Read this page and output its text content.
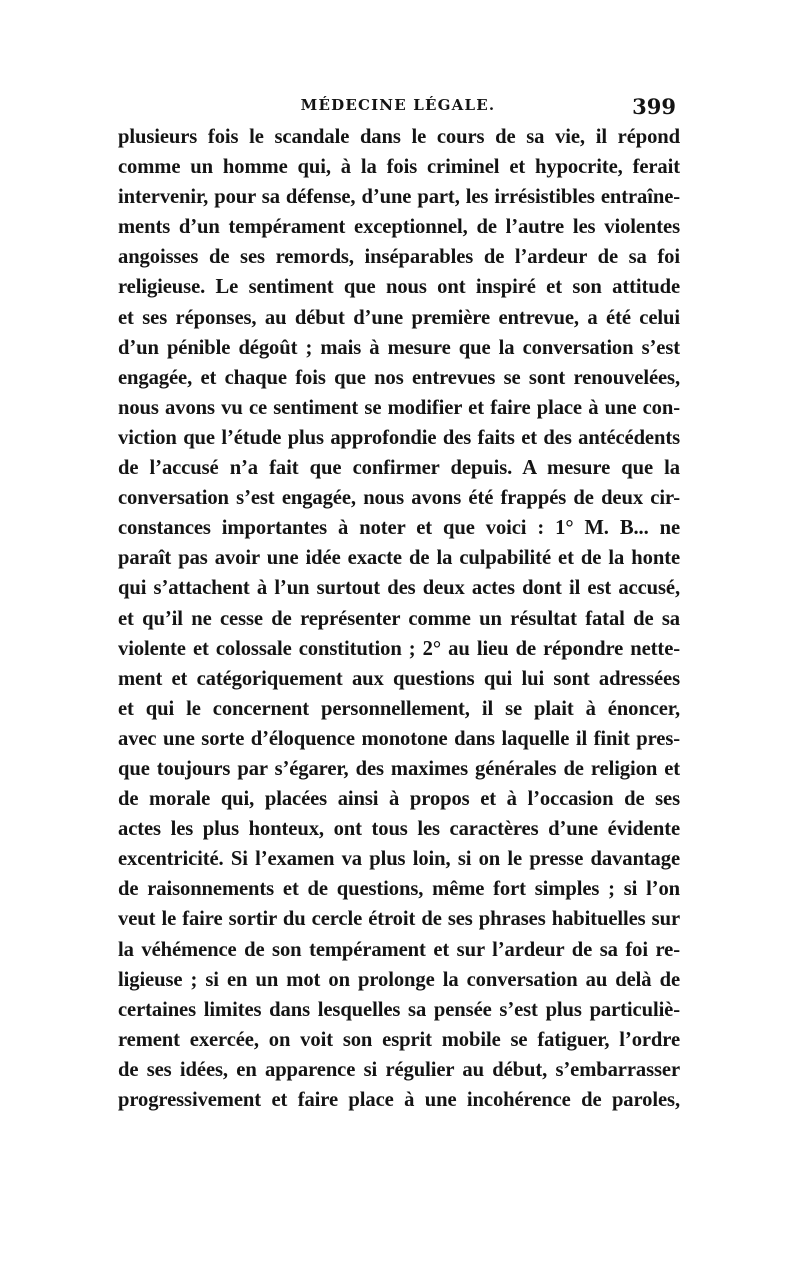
MÉDECINE LÉGALE.	399
plusieurs fois le scandale dans le cours de sa vie, il répond
comme un homme qui, à la fois criminel et hypocrite, ferait
intervenir, pour sa défense, d’une part, les irrésistibles entraîne-
ments d’un tempérament exceptionnel, de l’autre les violentes
angoisses de ses remords, inséparables de l’ardeur de sa foi
religieuse. Le sentiment que nous ont inspiré et son attitude
et ses réponses, au début d’une première entrevue, a été celui
d’un pénible dégoût ; mais à mesure que la conversation s’est
engagée, et chaque fois que nos entrevues se sont renouvelées,
nous avons vu ce sentiment se modifier et faire place à une con-
viction que l’étude plus approfondie des faits et des antécédents
de l’accusé n’a fait que confirmer depuis. A mesure que la
conversation s’est engagée, nous avons été frappés de deux cir-
constances importantes à noter et que voici : 1° M. B... ne
paraît pas avoir une idée exacte de la culpabilité et de la honte
qui s’attachent à l’un surtout des deux actes dont il est accusé,
et qu’il ne cesse de représenter comme un résultat fatal de sa
violente et colossale constitution ; 2° au lieu de répondre nette-
ment et catégoriquement aux questions qui lui sont adressées
et qui le concernent personnellement, il se plait à énoncer,
avec une sorte d’éloquence monotone dans laquelle il finit pres-
que toujours par s’égarer, des maximes générales de religion et
de morale qui, placées ainsi à propos et à l’occasion de ses
actes les plus honteux, ont tous les caractères d’une évidente
excentricité. Si l’examen va plus loin, si on le presse davantage
de raisonnements et de questions, même fort simples ; si l’on
veut le faire sortir du cercle étroit de ses phrases habituelles sur
la véhémence de son tempérament et sur l’ardeur de sa foi re-
ligieuse ; si en un mot on prolonge la conversation au delà de
certaines limites dans lesquelles sa pensée s’est plus particuliè-
rement exercée, on voit son esprit mobile se fatiguer, l’ordre
de ses idées, en apparence si régulier au début, s’embarrasser
progressivement et faire place à une incohérence de paroles,
